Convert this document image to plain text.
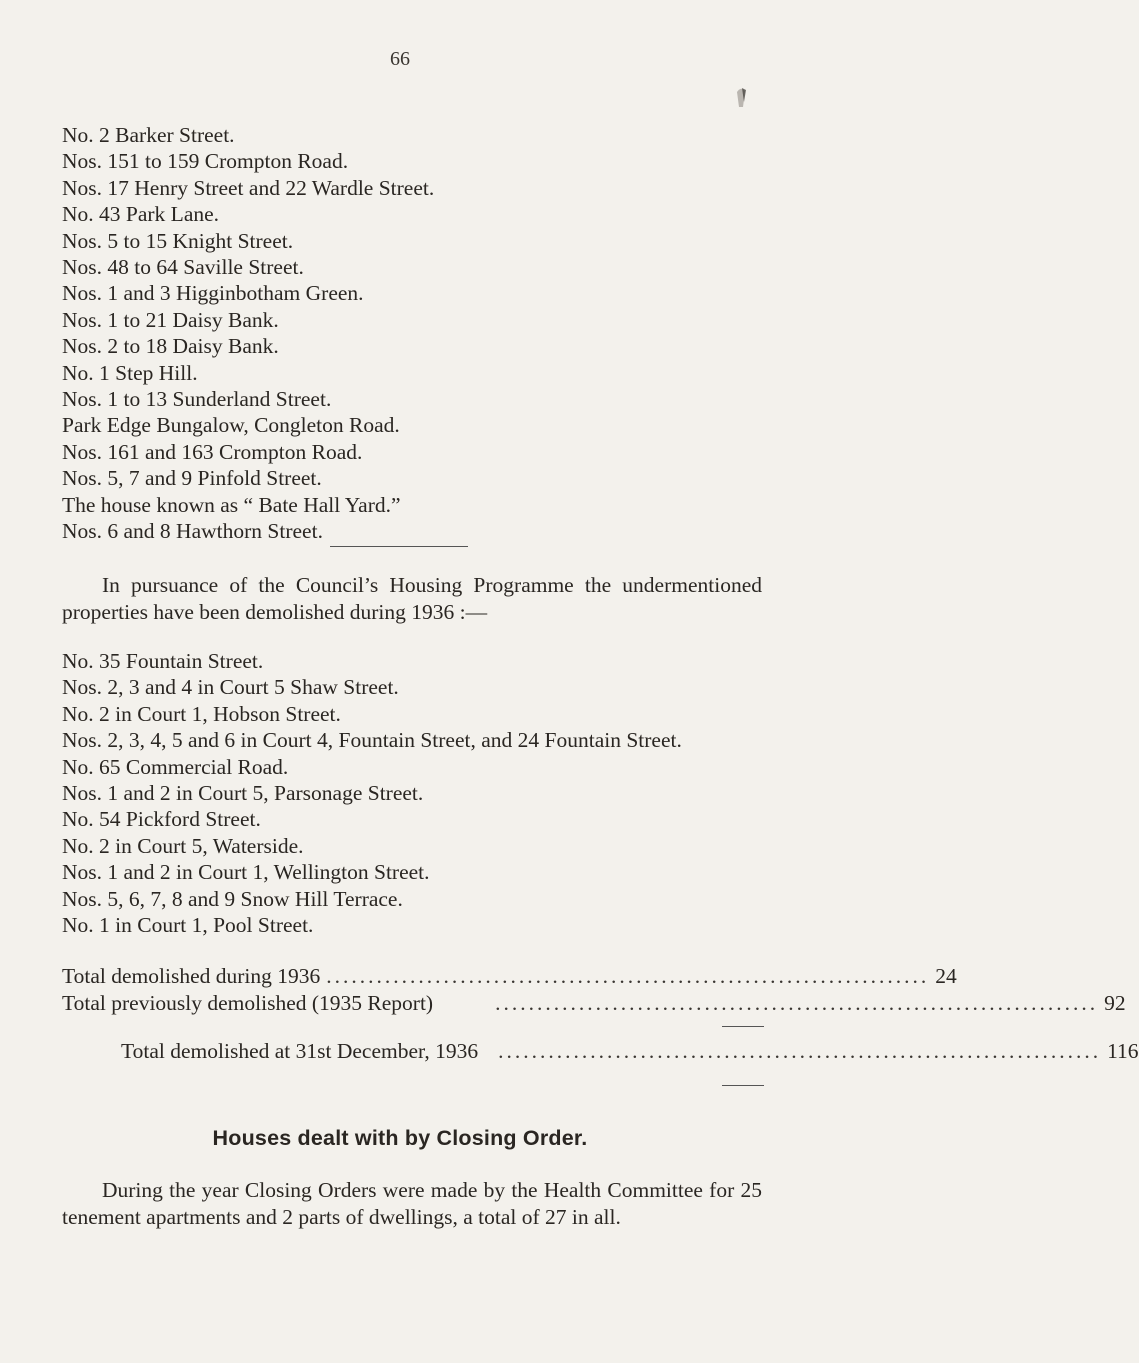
66
No. 2 Barker Street.
Nos. 151 to 159 Crompton Road.
Nos. 17 Henry Street and 22 Wardle Street.
No. 43 Park Lane.
Nos. 5 to 15 Knight Street.
Nos. 48 to 64 Saville Street.
Nos. 1 and 3 Higginbotham Green.
Nos. 1 to 21 Daisy Bank.
Nos. 2 to 18 Daisy Bank.
No. 1 Step Hill.
Nos. 1 to 13 Sunderland Street.
Park Edge Bungalow, Congleton Road.
Nos. 161 and 163 Crompton Road.
Nos. 5, 7 and 9 Pinfold Street.
The house known as “ Bate Hall Yard.”
Nos. 6 and 8 Hawthorn Street.

In pursuance of the Council’s Housing Programme the undermentioned properties have been demolished during 1936 :—

No. 35 Fountain Street.
Nos. 2, 3 and 4 in Court 5 Shaw Street.
No. 2 in Court 1, Hobson Street.
Nos. 2, 3, 4, 5 and 6 in Court 4, Fountain Street, and 24 Fountain Street.
No. 65 Commercial Road.
Nos. 1 and 2 in Court 5, Parsonage Street.
No. 54 Pickford Street.
No. 2 in Court 5, Waterside.
Nos. 1 and 2 in Court 1, Wellington Street.
Nos. 5, 6, 7, 8 and 9 Snow Hill Terrace.
No. 1 in Court 1, Pool Street.
Total demolished during 1936 ........................................................................ 24
Total previously demolished (1935 Report)	........................................................................ 92
Total demolished at 31st December, 1936 ........................................................................ 116
Houses dealt with by Closing Order.

During the year Closing Orders were made by the Health Committee for 25 tenement apartments and 2 parts of dwellings, a total of 27 in all.
